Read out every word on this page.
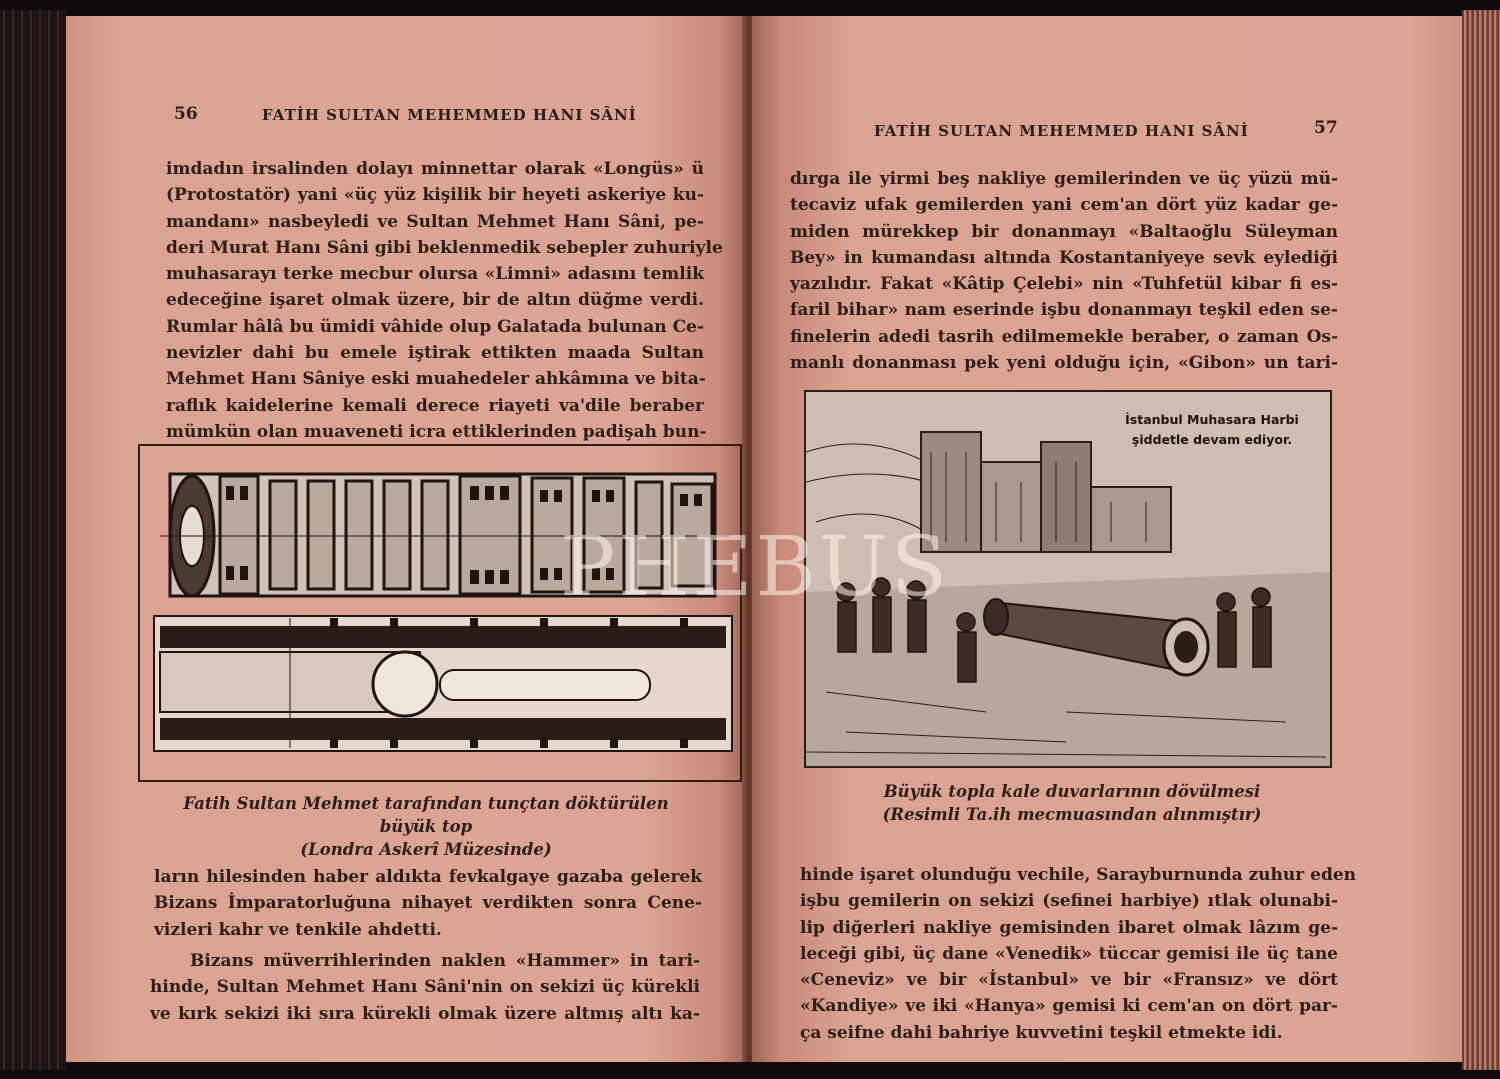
56	FATİH SULTAN MEHEMMED HANI SÂNİ
imdadın irsalinden dolayı minnettar olarak «Longüs» ü
(Protostatör) yani «üç yüz kişilik bir heyeti askeriye ku-
mandanı» nasbeyledi ve Sultan Mehmet Hanı Sâni, pe-
deri Murat Hanı Sâni gibi beklenmedik sebepler zuhuriyle
muhasarayı terke mecbur olursa «Limni» adasını temlik
edeceğine işaret olmak üzere, bir de altın düğme verdi.
Rumlar hâlâ bu ümidi vâhide olup Galatada bulunan Ce-
nevizler dahi bu emele iştirak ettikten maada Sultan
Mehmet Hanı Sâniye eski muahedeler ahkâmına ve bita-
raflık kaidelerine kemali derece riayeti va'dile beraber
mümkün olan muaveneti icra ettiklerinden padişah bun-
Fatih Sultan Mehmet tarafından tunçtan döktürülen
büyük top
(Londra Askerî Müzesinde)
ların hilesinden haber aldıkta fevkalgaye gazaba gelerek
Bizans İmparatorluğuna nihayet verdikten sonra Cene-
vizleri kahr ve tenkile ahdetti.
Bizans müverrihlerinden naklen «Hammer» in tari-
hinde, Sultan Mehmet Hanı Sâni'nin on sekizi üç kürekli
ve kırk sekizi iki sıra kürekli olmak üzere altmış altı ka-
FATİH SULTAN MEHEMMED HANI SÂNİ	57
dırga ile yirmi beş nakliye gemilerinden ve üç yüzü mü-
tecaviz ufak gemilerden yani cem'an dört yüz kadar ge-
miden mürekkep bir donanmayı «Baltaoğlu Süleyman
Bey» in kumandası altında Kostantaniyeye sevk eylediği
yazılıdır. Fakat «Kâtip Çelebi» nin «Tuhfetül kibar fi es-
faril bihar» nam eserinde işbu donanmayı teşkil eden se-
finelerin adedi tasrih edilmemekle beraber, o zaman Os-
manlı donanması pek yeni olduğu için, «Gibon» un tari-
İstanbul Muhasara Harbi
şiddetle devam ediyor.
Büyük topla kale duvarlarının dövülmesi
(Resimli Ta.ih mecmuasından alınmıştır)
hinde işaret olunduğu vechile, Sarayburnunda zuhur eden
işbu gemilerin on sekizi (sefinei harbiye) ıtlak olunabi-
lip diğerleri nakliye gemisinden ibaret olmak lâzım ge-
leceği gibi, üç dane «Venedik» tüccar gemisi ile üç tane
«Ceneviz» ve bir «İstanbul» ve bir «Fransız» ve dört
«Kandiye» ve iki «Hanya» gemisi ki cem'an on dört par-
ça seifne dahi bahriye kuvvetini teşkil etmekte idi.
PHEBUS
